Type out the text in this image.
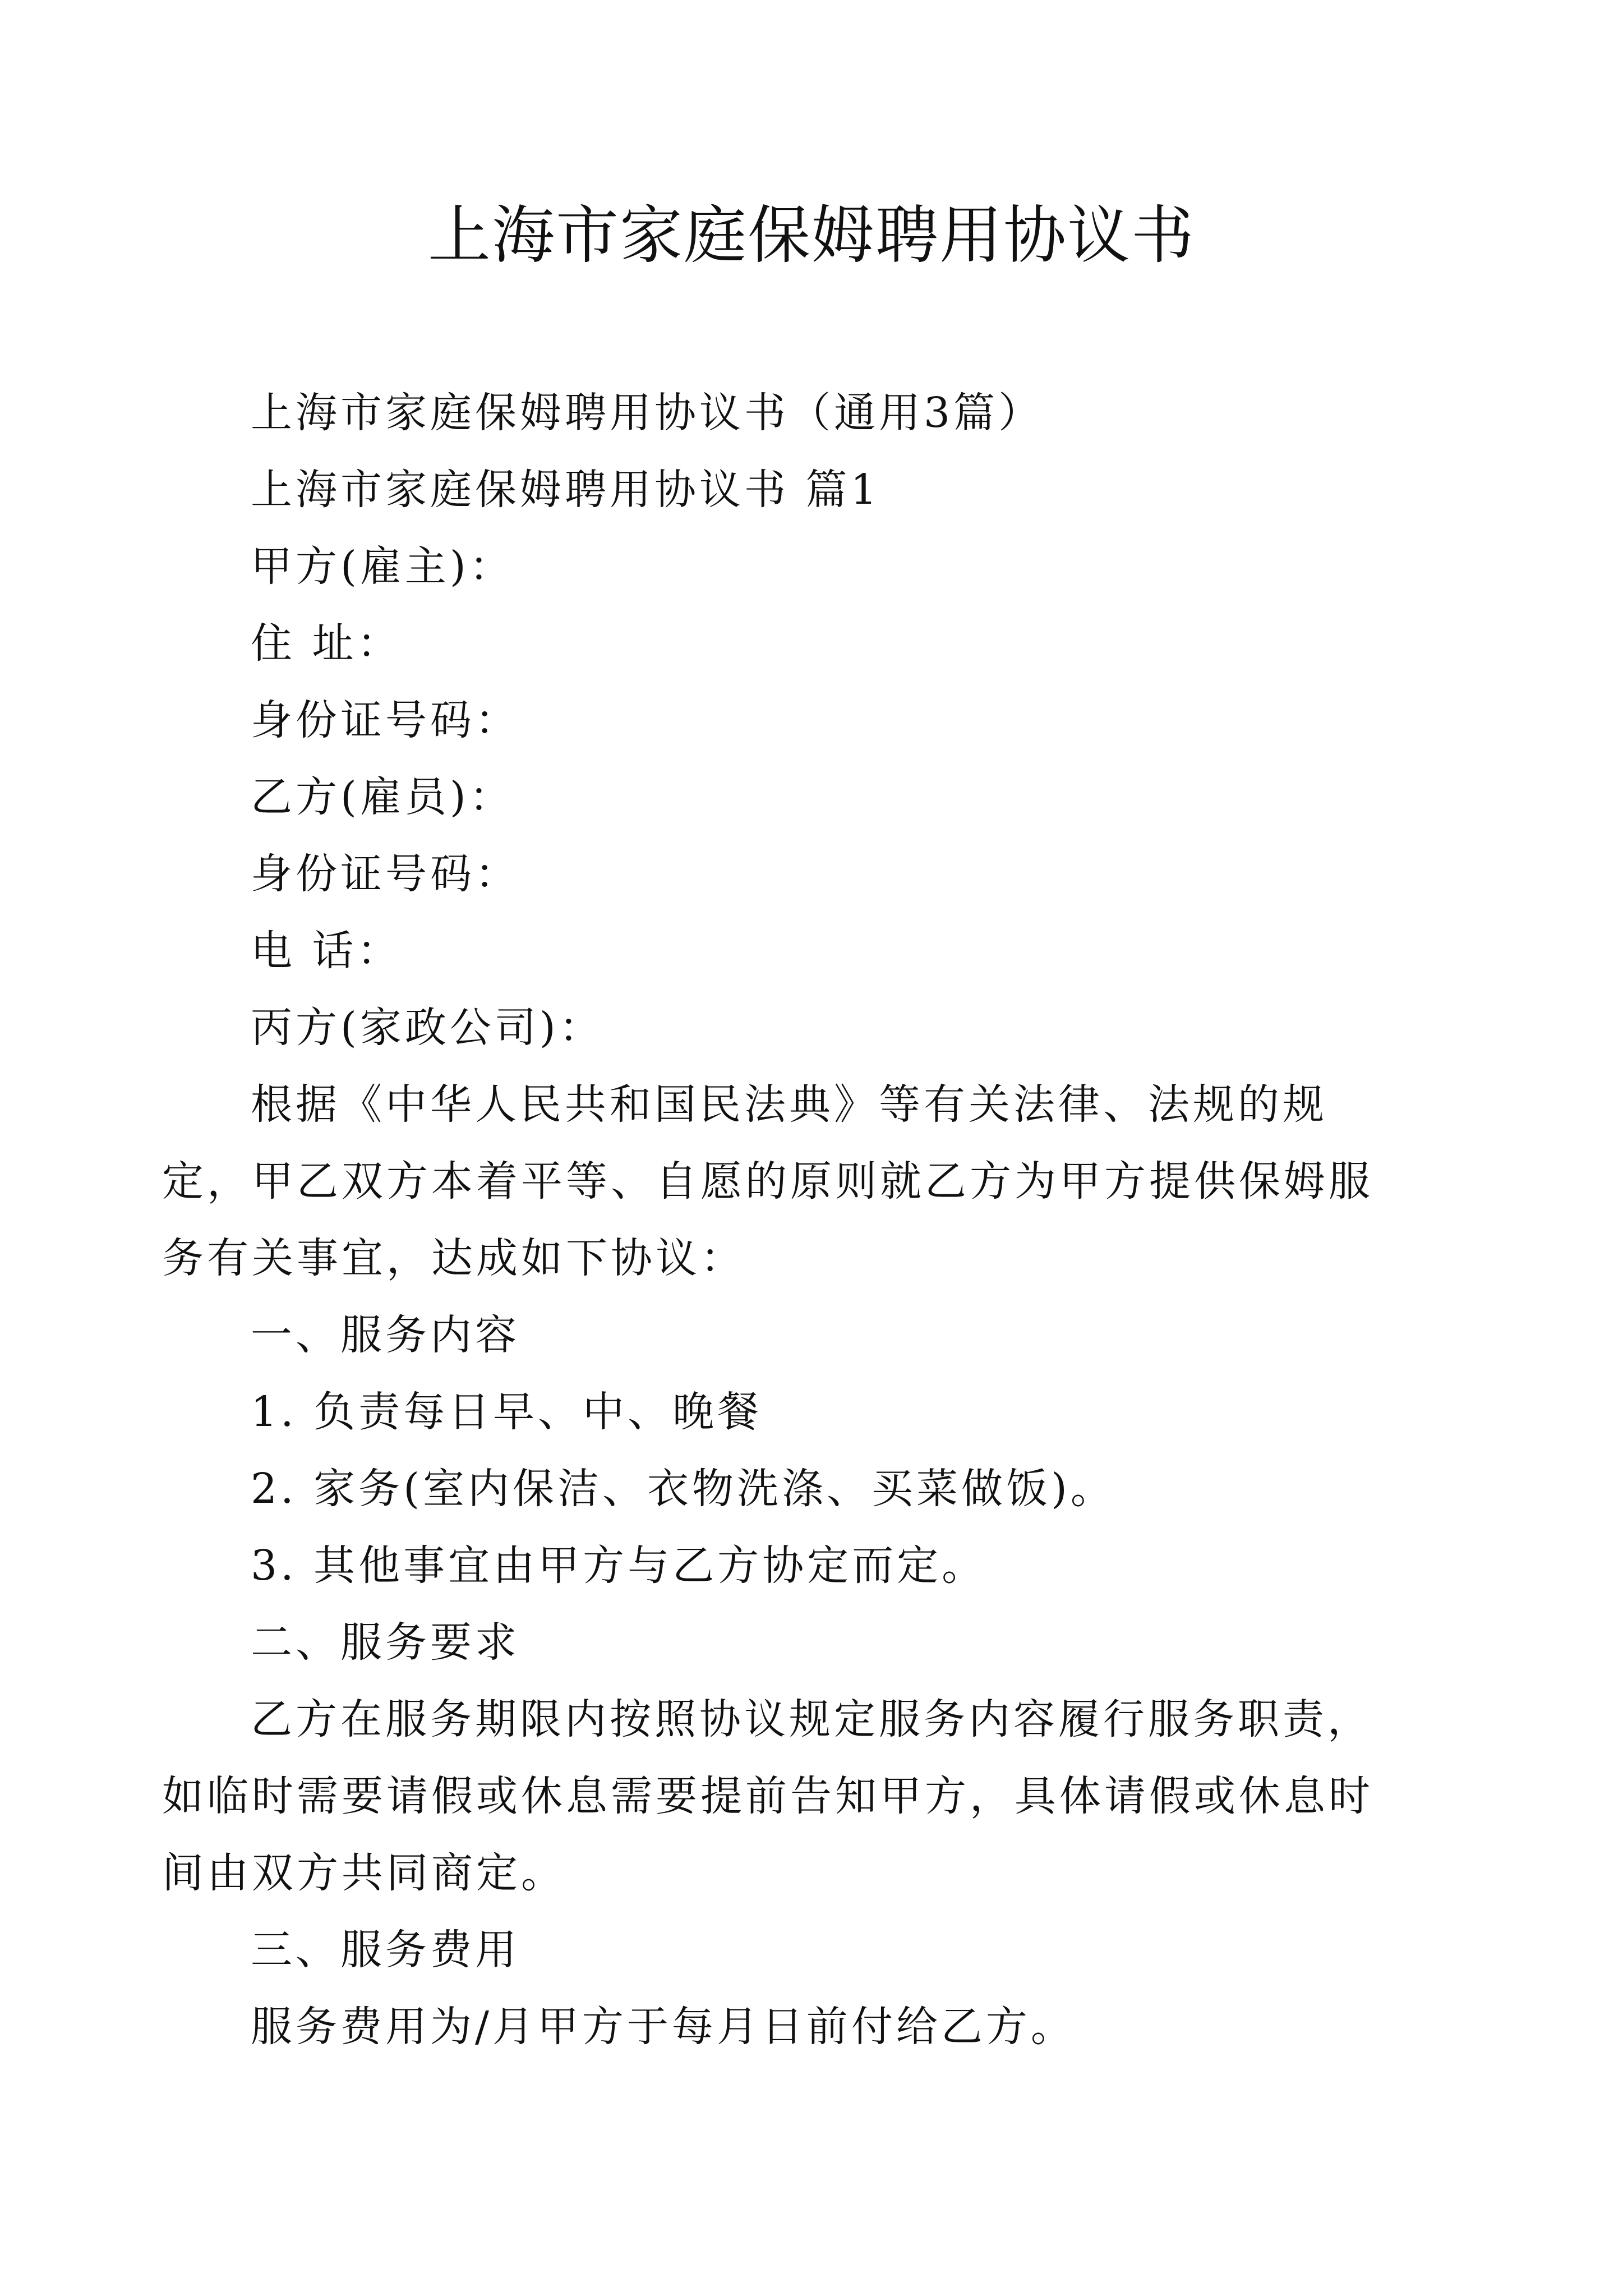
上海市家庭保姆聘用协议书

上海市家庭保姆聘用协议书（通用3篇）

上海市家庭保姆聘用协议书 篇1

甲方(雇主)：

住 址：

身份证号码：

乙方(雇员)：

身份证号码：

电 话：

丙方(家政公司)：

根据《中华人民共和国民法典》等有关法律、法规的规定，甲乙双方本着平等、自愿的原则就乙方为甲方提供保姆服务有关事宜，达成如下协议：

一、服务内容

1. 负责每日早、中、晚餐

2. 家务(室内保洁、衣物洗涤、买菜做饭)。

3. 其他事宜由甲方与乙方协定而定。

二、服务要求

乙方在服务期限内按照协议规定服务内容履行服务职责，如临时需要请假或休息需要提前告知甲方，具体请假或休息时间由双方共同商定。

三、服务费用

服务费用为/月甲方于每月日前付给乙方。
